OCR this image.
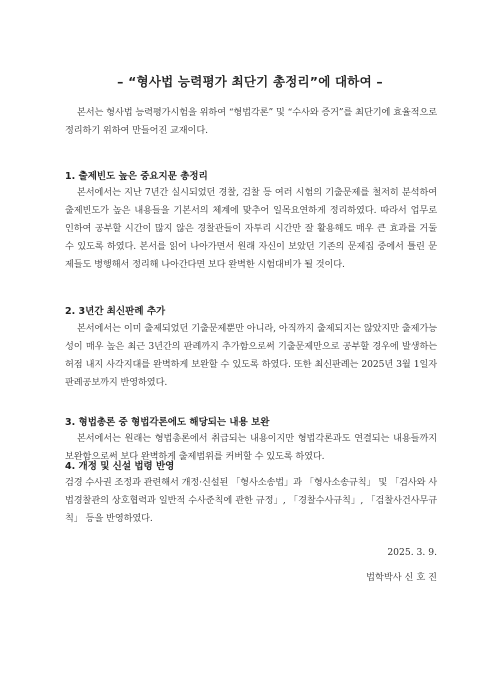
– “형사법 능력평가 최단기 총정리”에 대하여 –
본서는 형사법 능력평가시험을 위하여 “형법각론” 및 “수사와 증거”를 최단기에 효율적으로 정리하기 위하여 만들어진 교재이다.
1. 출제빈도 높은 중요지문 총정리
본서에서는 지난 7년간 실시되었던 경찰, 검찰 등 여러 시험의 기출문제를 철저히 분석하여 출제빈도가 높은 내용들을 기본서의 체계에 맞추어 일목요연하게 정리하였다. 따라서 업무로 인하여 공부할 시간이 많지 않은 경찰관들이 자투리 시간만 잘 활용해도 매우 큰 효과를 거둘 수 있도록 하였다. 본서를 읽어 나아가면서 원래 자신이 보았던 기존의 문제집 중에서 틀린 문제들도 병행해서 정리해 나아간다면 보다 완벽한 시험대비가 될 것이다.
2. 3년간 최신판례 추가
본서에서는 이미 출제되었던 기출문제뿐만 아니라, 아직까지 출제되지는 않았지만 출제가능성이 매우 높은 최근 3년간의 판례까지 추가함으로써 기출문제만으로 공부할 경우에 발생하는 허점 내지 사각지대를 완벽하게 보완할 수 있도록 하였다. 또한 최신판례는 2025년 3월 1일자 판례공보까지 반영하였다.
3. 형법총론 중 형법각론에도 해당되는 내용 보완
본서에서는 원래는 형법총론에서 취급되는 내용이지만 형법각론과도 연결되는 내용들까지 보완함으로써 보다 완벽하게 출제범위를 커버할 수 있도록 하였다.
4. 개정 및 신설 법령 반영
검경 수사권 조정과 관련해서 개정·신설된 「형사소송법」과 「형사소송규칙」 및 「검사와 사법경찰관의 상호협력과 일반적 수사준칙에 관한 규정」, 「경찰수사규칙」, 「검찰사건사무규칙」 등을 반영하였다.
2025. 3. 9.
법학박사 신 호 진
